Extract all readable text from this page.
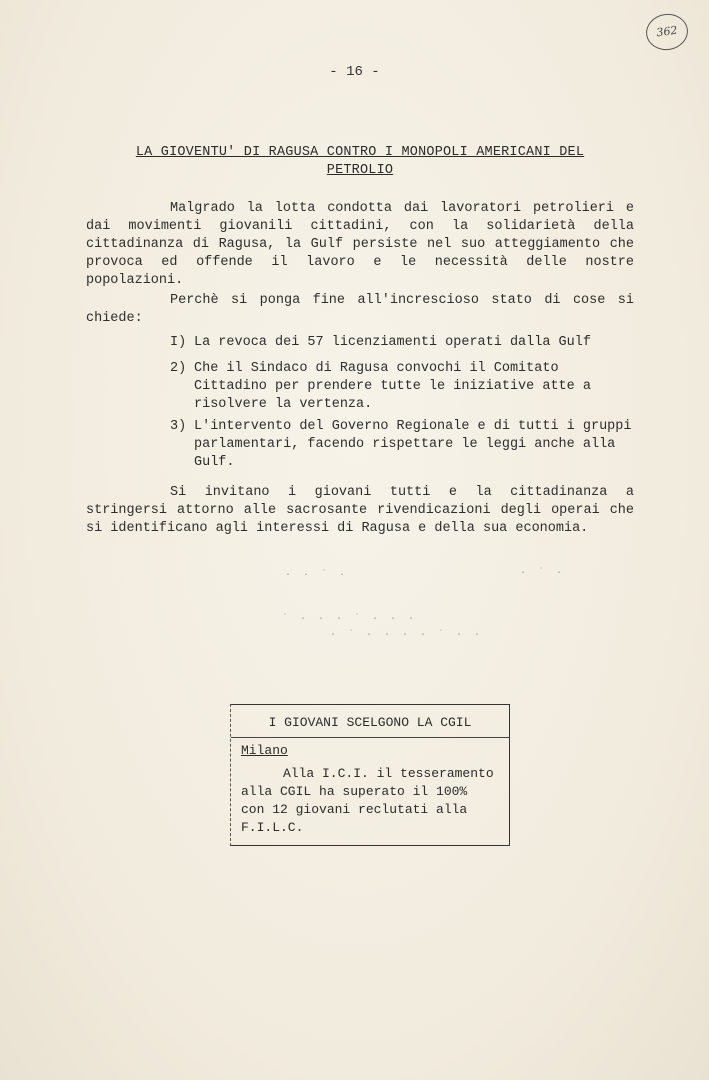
362
- 16 -
LA GIOVENTU' DI RAGUSA CONTRO I MONOPOLI AMERICANI DEL PETROLIO

Malgrado la lotta condotta dai lavoratori petrolieri e dai movimenti giovanili cittadini, con la solidarietà della cittadinanza di Ragusa, la Gulf persiste nel suo atteggiamento che provoca ed offende il lavoro e le necessità delle nostre popolazioni.

Perchè si ponga fine all'increscioso stato di cose si chiede:

I) La revoca dei 57 licenziamenti operati dalla Gulf
2) Che il Sindaco di Ragusa convochi il Comitato Cittadino per prendere tutte le iniziative atte a risolvere la vertenza.
3) L'intervento del Governo Regionale e di tutti i gruppi parlamentari, facendo rispettare le leggi anche alla Gulf.

Si invitano i giovani tutti e la cittadinanza a stringersi attorno alle sacrosante rivendicazioni degli operai che si identificano agli interessi di Ragusa e della sua economia.

· · ˙ ·	· ˙ ·
˙ · · · ˙ · · ·
· ˙ · · · · ˙ · ·
I GIOVANI SCELGONO LA CGIL
Milano

Alla I.C.I. il tesseramento alla CGIL ha superato il 100% con 12 giovani reclutati alla F.I.L.C.
